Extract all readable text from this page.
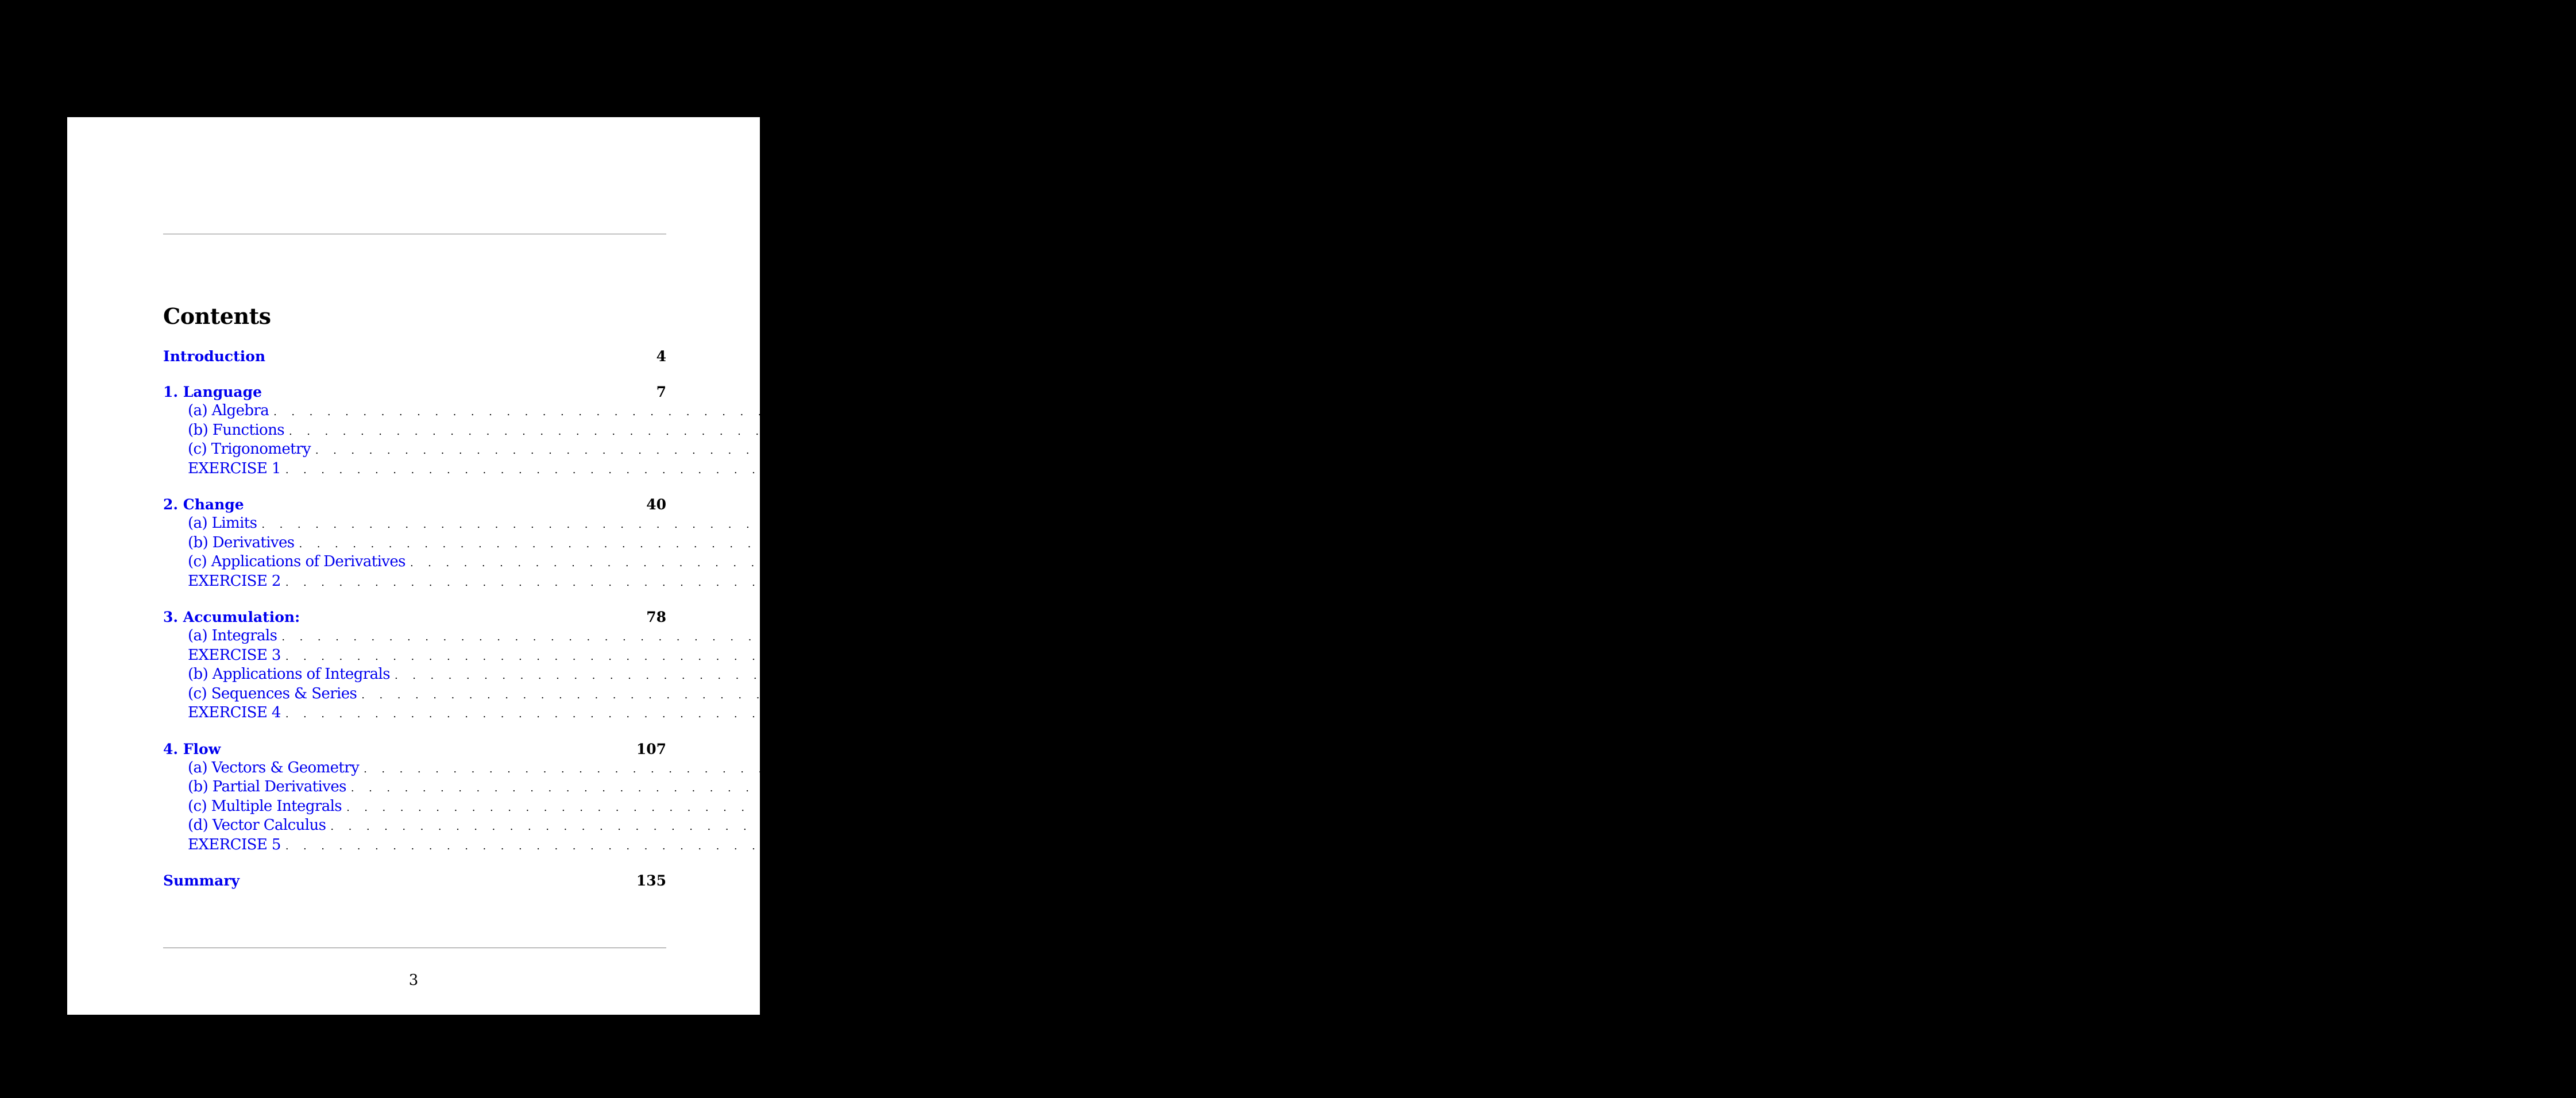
Contents
Introduction	4
1. Language	7
(a) Algebra . . . . . . . . . . . . . . . . . . . . . . . . . . . . . . . . . . . . . . . . . . . . . . . . . . . . . . . . . . . . . . . . . . . . . . . . . . . . . . . . . . . . . . . . . . . . . . . . . . . . . . . . . . . . . . . . . . . . . . . . 8
(b) Functions . . . . . . . . . . . . . . . . . . . . . . . . . . . . . . . . . . . . . . . . . . . . . . . . . . . . . . . . . . . . . . . . . . . . . . . . . . . . . . . . . . . . . . . . . . . . . . . . . . . . . . . . . . . . . . . . . . . . . . . . 13
(c) Trigonometry . . . . . . . . . . . . . . . . . . . . . . . . . . . . . . . . . . . . . . . . . . . . . . . . . . . . . . . . . . . . . . . . . . . . . . . . . . . . . . . . . . . . . . . . . . . . . . . . . . . . . . . . . . . . . . . . . . . . . . . . 22
EXERCISE 1 . . . . . . . . . . . . . . . . . . . . . . . . . . . . . . . . . . . . . . . . . . . . . . . . . . . . . . . . . . . . . . . . . . . . . . . . . . . . . . . . . . . . . . . . . . . . . . . . . . . . . . . . . . . . . . . . . . . . . . . . 27
2. Change	40
(a) Limits . . . . . . . . . . . . . . . . . . . . . . . . . . . . . . . . . . . . . . . . . . . . . . . . . . . . . . . . . . . . . . . . . . . . . . . . . . . . . . . . . . . . . . . . . . . . . . . . . . . . . . . . . . . . . . . . . . . . . . . . 41
(b) Derivatives . . . . . . . . . . . . . . . . . . . . . . . . . . . . . . . . . . . . . . . . . . . . . . . . . . . . . . . . . . . . . . . . . . . . . . . . . . . . . . . . . . . . . . . . . . . . . . . . . . . . . . . . . . . . . . . . . . . . . . . . 53
(c) Applications of Derivatives . . . . . . . . . . . . . . . . . . . . . . . . . . . . . . . . . . . . . . . . . . . . . . . . . . . . . . . . . . . . . . . . . . . . . . . . . . . . . . . . . . . . . . . . . . . . . . . . . . . . . . . . . . . . . . . . . . . . . . . . 60
EXERCISE 2 . . . . . . . . . . . . . . . . . . . . . . . . . . . . . . . . . . . . . . . . . . . . . . . . . . . . . . . . . . . . . . . . . . . . . . . . . . . . . . . . . . . . . . . . . . . . . . . . . . . . . . . . . . . . . . . . . . . . . . . . 61
3. Accumulation:	78
(a) Integrals . . . . . . . . . . . . . . . . . . . . . . . . . . . . . . . . . . . . . . . . . . . . . . . . . . . . . . . . . . . . . . . . . . . . . . . . . . . . . . . . . . . . . . . . . . . . . . . . . . . . . . . . . . . . . . . . . . . . . . . . 85
EXERCISE 3 . . . . . . . . . . . . . . . . . . . . . . . . . . . . . . . . . . . . . . . . . . . . . . . . . . . . . . . . . . . . . . . . . . . . . . . . . . . . . . . . . . . . . . . . . . . . . . . . . . . . . . . . . . . . . . . . . . . . . . . . 94
(b) Applications of Integrals . . . . . . . . . . . . . . . . . . . . . . . . . . . . . . . . . . . . . . . . . . . . . . . . . . . . . . . . . . . . . . . . . . . . . . . . . . . . . . . . . . . . . . . . . . . . . . . . . . . . . . . . . . . . . . . . . . . . . . . . 96
(c) Sequences & Series . . . . . . . . . . . . . . . . . . . . . . . . . . . . . . . . . . . . . . . . . . . . . . . . . . . . . . . . . . . . . . . . . . . . . . . . . . . . . . . . . . . . . . . . . . . . . . . . . . . . . . . . . . . . . . . . . . . . . . . . 99
EXERCISE 4 . . . . . . . . . . . . . . . . . . . . . . . . . . . . . . . . . . . . . . . . . . . . . . . . . . . . . . . . . . . . . . . . . . . . . . . . . . . . . . . . . . . . . . . . . . . . . . . . . . . . . . . . . . . . . . . . . . . . . . . . 102
4. Flow	107
(a) Vectors & Geometry . . . . . . . . . . . . . . . . . . . . . . . . . . . . . . . . . . . . . . . . . . . . . . . . . . . . . . . . . . . . . . . . . . . . . . . . . . . . . . . . . . . . . . . . . . . . . . . . . . . . . . . . . . . . . . . . . . . . . . . . 110
(b) Partial Derivatives . . . . . . . . . . . . . . . . . . . . . . . . . . . . . . . . . . . . . . . . . . . . . . . . . . . . . . . . . . . . . . . . . . . . . . . . . . . . . . . . . . . . . . . . . . . . . . . . . . . . . . . . . . . . . . . . . . . . . . . . 117
(c) Multiple Integrals . . . . . . . . . . . . . . . . . . . . . . . . . . . . . . . . . . . . . . . . . . . . . . . . . . . . . . . . . . . . . . . . . . . . . . . . . . . . . . . . . . . . . . . . . . . . . . . . . . . . . . . . . . . . . . . . . . . . . . . . 121
(d) Vector Calculus . . . . . . . . . . . . . . . . . . . . . . . . . . . . . . . . . . . . . . . . . . . . . . . . . . . . . . . . . . . . . . . . . . . . . . . . . . . . . . . . . . . . . . . . . . . . . . . . . . . . . . . . . . . . . . . . . . . . . . . . 122
EXERCISE 5 . . . . . . . . . . . . . . . . . . . . . . . . . . . . . . . . . . . . . . . . . . . . . . . . . . . . . . . . . . . . . . . . . . . . . . . . . . . . . . . . . . . . . . . . . . . . . . . . . . . . . . . . . . . . . . . . . . . . . . . . 126
Summary	135
3
